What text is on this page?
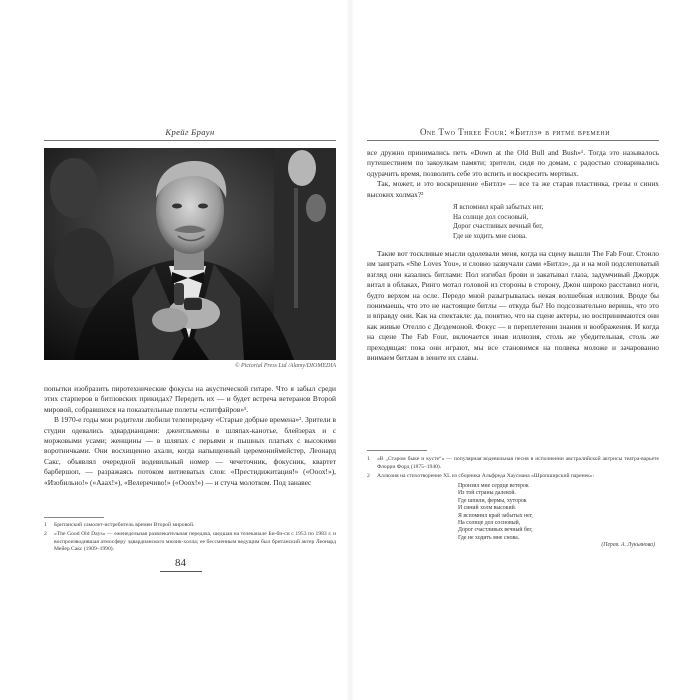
Крейг Браун
© Pictorial Press Ltd /Alamy/DIOMEDIA

попытки изобразить пиротехнические фокусы на акустической гитаре. Что я забыл среди этих старперов в битловских прикидах? Передеть их — и будет встреча ветеранов Второй мировой, собравшихся на показательные полеты «спитфайров»¹.

В 1970-е годы мои родители любили телепередачу «Старые добрые времена»². Зрители в студии одевались эдвардианцами: джентльмены в шляпах-канотье, блейзерах и с моржовыми усами; женщины — в шляпах с перьями и пышных платьях с высокими воротничками. Они восхищенно ахали, когда напыщенный церемониймейстер, Леонард Сакс, объявлял очередной водевильный номер — чечеточник, фокусник, квартет барбершоп, — разражаясь потоком витиеватых слов: «Престидижитация!» («Ооох!»), «Изобильно!» («Ааах!»), «Велеречиво!» («Ооох!») — и стуча молотком. Под занавес

1 Британский самолет-истребитель времен Второй мировой.
2 «The Good Old Days» — еженедельная развлекательная передача, шедшая на телеканале Би-би-си с 1953 по 1983 г. и воспроизводившая атмосферу эдвардианского мюзик-холла; ее бессменным ведущим был британский актер Леонард Мейер Сакс (1909–1990).
84
One Two Three Four: «Битлз» в ритме времени

все дружно принимались петь «Down at the Old Bull and Bush»¹. Тогда это называлось путешествием по закоулкам памяти; зрители, сидя по домам, с радостью сговаривались одурачить время, позволить себе это вспить и воскресить мертвых.

Так, может, и это воскрешение «Битлз» — все та же старая пластинка, грезы о синих высоких холмах?²

Я вспомнил край забытых нег,
На солнце дол сосновый,
Дорог счастливых вечный бег,
Где не ходить мне снова.

Такие вот тоскливые мысли одолевали меня, когда на сцену вышли The Fab Four. Стоило им заиграть «She Loves You», и словно зазвучали сами «Битлз», да и на мой подслеповатый взгляд они казались битлами: Пол изгибал брови и закатывал глаза, задумчивый Джордж витал в облаках, Ринго мотал головой из стороны в сторону, Джон широко расставил ноги, будто верхом на осле. Передо мной разыгрывалась некая волшебная иллюзия. Вроде бы понимаешь, что это не настоящие битлы — откуда бы? Но подсознательно веришь, что это и вправду они. Как на спектакле: да, понятно, что на сцене актеры, но воспринимаются они как живые Отелло с Дездемоной. Фокус — в переплетении знания и воображения. И когда на сцене The Fab Four, включается иная иллюзия, столь же убедительная, столь же преходящая: пока они играют, мы все становимся на полвека моложе и зачарованно внимаем битлам в зените их славы.

1 «В „Старом быке и кусте“» — популярная водевильная песня в исполнении австралийской актрисы театра-варьете Флорри Форд (1875–1940).
2 Аллюзия на стихотворение XL из сборника Альфреда Хаусмана «Шропширский паренек»:
Пронзил мне сердце ветерок
Из той страны далекой.
Где шпили, фермы, хуторок
И синий холм высокий.
Я вспомнил край забытых нег,
На солнце дол сосновый,
Дорог счастливых вечный бег,
Где не ходить мне снова.
(Перев. А. Лукьянова)
